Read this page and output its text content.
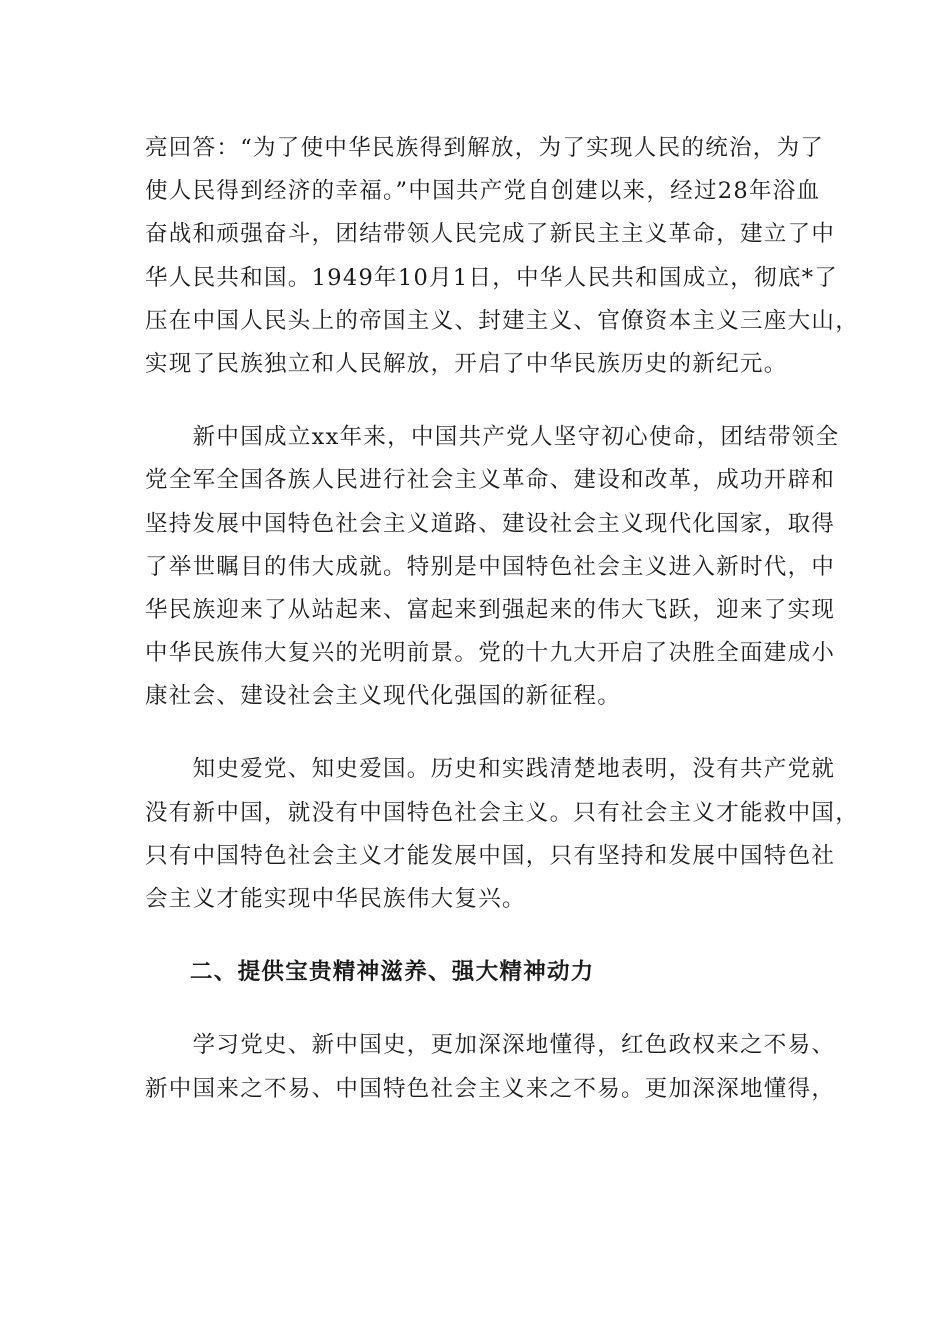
亮回答：“为了使中华民族得到解放，为了实现人民的统治，为了
使人民得到经济的幸福。”中国共产党自创建以来，经过28年浴血
奋战和顽强奋斗，团结带领人民完成了新民主主义革命，建立了中
华人民共和国。1949年10月1日，中华人民共和国成立，彻底*了
压在中国人民头上的帝国主义、封建主义、官僚资本主义三座大山，
实现了民族独立和人民解放，开启了中华民族历史的新纪元。

　　新中国成立xx年来，中国共产党人坚守初心使命，团结带领全
党全军全国各族人民进行社会主义革命、建设和改革，成功开辟和
坚持发展中国特色社会主义道路、建设社会主义现代化国家，取得
了举世瞩目的伟大成就。特别是中国特色社会主义进入新时代，中
华民族迎来了从站起来、富起来到强起来的伟大飞跃，迎来了实现
中华民族伟大复兴的光明前景。党的十九大开启了决胜全面建成小
康社会、建设社会主义现代化强国的新征程。

　　知史爱党、知史爱国。历史和实践清楚地表明，没有共产党就
没有新中国，就没有中国特色社会主义。只有社会主义才能救中国，
只有中国特色社会主义才能发展中国，只有坚持和发展中国特色社
会主义才能实现中华民族伟大复兴。

二、提供宝贵精神滋养、强大精神动力

　　学习党史、新中国史，更加深深地懂得，红色政权来之不易、
新中国来之不易、中国特色社会主义来之不易。更加深深地懂得，
